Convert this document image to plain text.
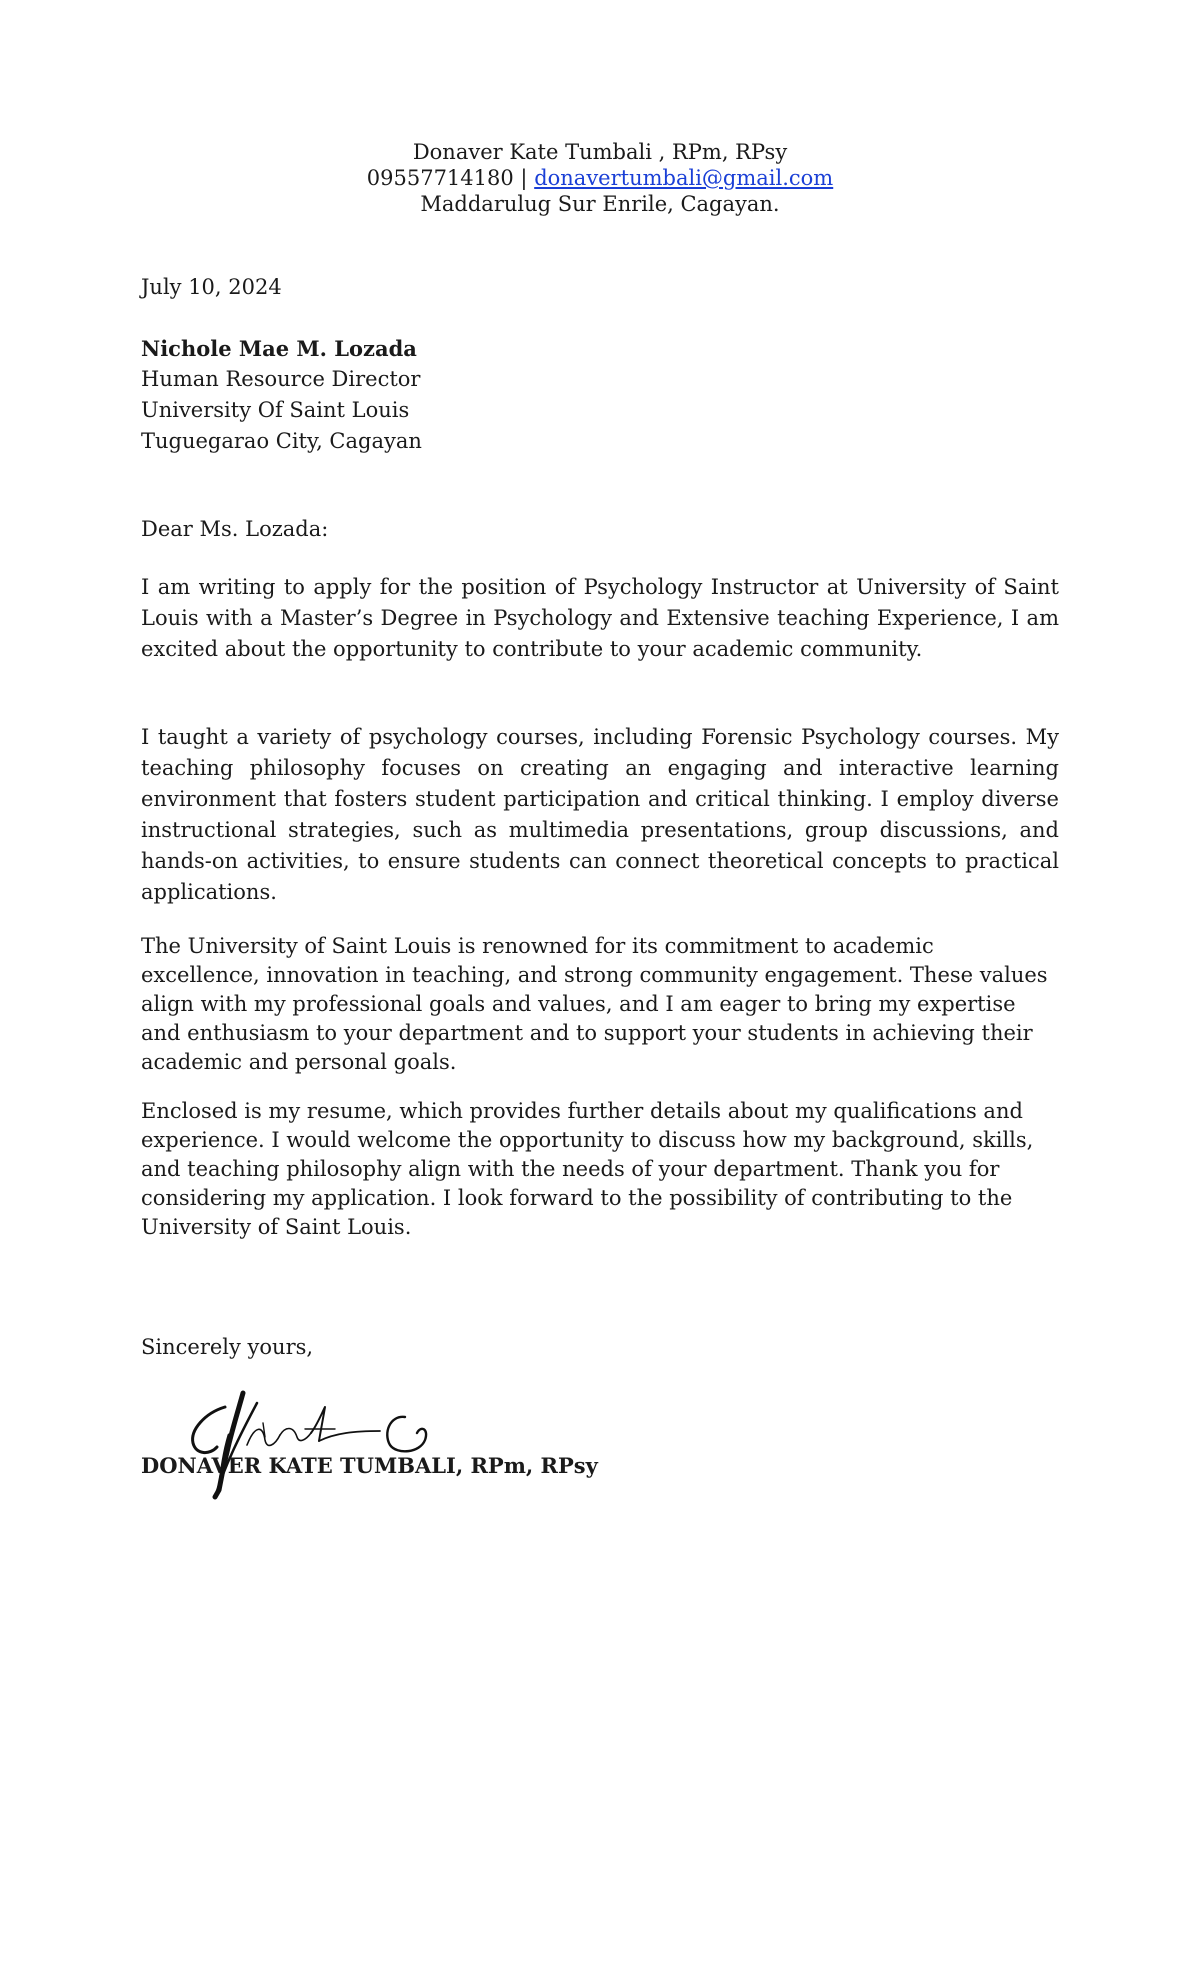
Donaver Kate Tumbali , RPm, RPsy
09557714180 | donavertumbali@gmail.com
Maddarulug Sur Enrile, Cagayan.
July 10, 2024
Nichole Mae M. Lozada
Human Resource Director
University Of Saint Louis
Tuguegarao City, Cagayan
Dear Ms. Lozada:
I am writing to apply for the position of Psychology Instructor at University of Saint Louis with a Master’s Degree in Psychology and Extensive teaching Experience, I am excited about the opportunity to contribute to your academic community.
I taught a variety of psychology courses, including Forensic Psychology courses. My teaching philosophy focuses on creating an engaging and interactive learning environment that fosters student participation and critical thinking. I employ diverse instructional strategies, such as multimedia presentations, group discussions, and hands-on activities, to ensure students can connect theoretical concepts to practical applications.
The University of Saint Louis is renowned for its commitment to academic excellence, innovation in teaching, and strong community engagement. These values align with my professional goals and values, and I am eager to bring my expertise and enthusiasm to your department and to support your students in achieving their academic and personal goals.
Enclosed is my resume, which provides further details about my qualifications and experience. I would welcome the opportunity to discuss how my background, skills, and teaching philosophy align with the needs of your department. Thank you for considering my application. I look forward to the possibility of contributing to the University of Saint Louis.
Sincerely yours,
DONAVER KATE TUMBALI, RPm, RPsy
